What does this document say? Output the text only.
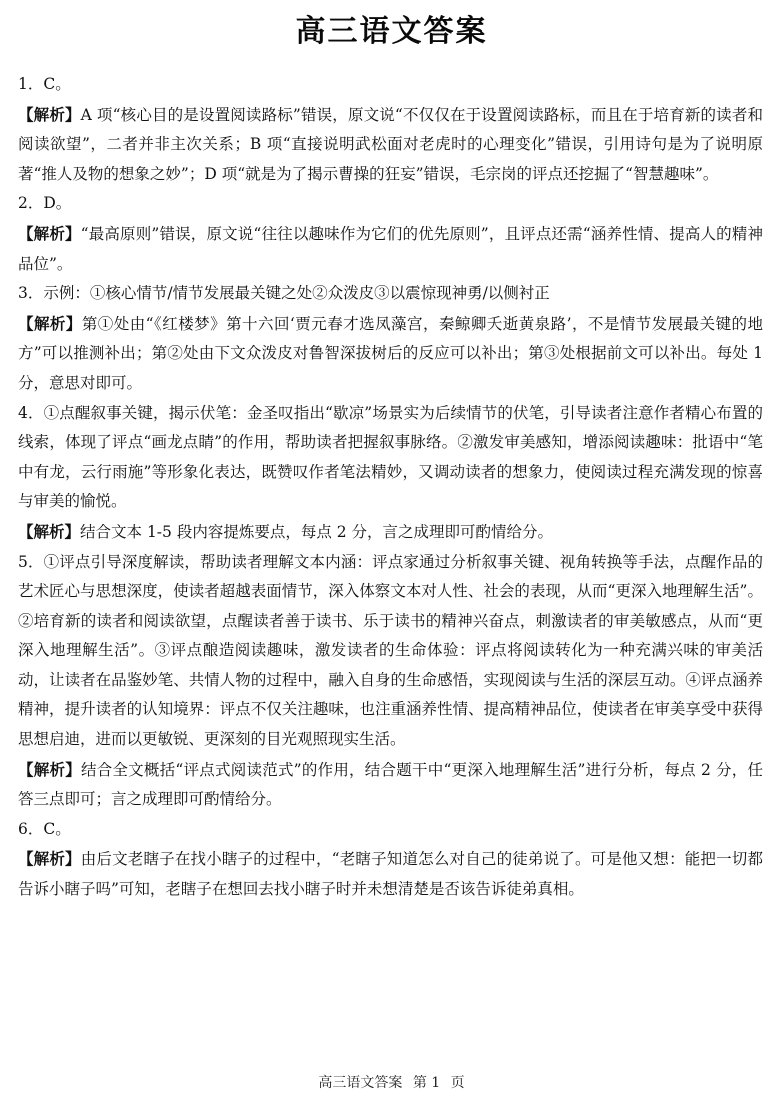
高三语文答案

1．C。

【解析】A 项“核心目的是设置阅读路标”错误，原文说“不仅仅在于设置阅读路标，而且在于培育新的读者和阅读欲望”，二者并非主次关系；B 项“直接说明武松面对老虎时的心理变化”错误，引用诗句是为了说明原著“推人及物的想象之妙”；D 项“就是为了揭示曹操的狂妄”错误，毛宗岗的评点还挖掘了“智慧趣味”。

2．D。

【解析】“最高原则”错误，原文说“往往以趣味作为它们的优先原则”，且评点还需“涵养性情、提高人的精神品位”。

3．示例：①核心情节/情节发展最关键之处②众泼皮③以震惊现神勇/以侧衬正

【解析】第①处由“《红楼梦》第十六回‘贾元春才选凤藻宫，秦鲸卿夭逝黄泉路’，不是情节发展最关键的地方”可以推测补出；第②处由下文众泼皮对鲁智深拔树后的反应可以补出；第③处根据前文可以补出。每处 1 分，意思对即可。

4．①点醒叙事关键，揭示伏笔：金圣叹指出“歇凉”场景实为后续情节的伏笔，引导读者注意作者精心布置的线索，体现了评点“画龙点睛”的作用，帮助读者把握叙事脉络。②激发审美感知，增添阅读趣味：批语中“笔中有龙，云行雨施”等形象化表达，既赞叹作者笔法精妙，又调动读者的想象力，使阅读过程充满发现的惊喜与审美的愉悦。

【解析】结合文本 1-5 段内容提炼要点，每点 2 分，言之成理即可酌情给分。

5．①评点引导深度解读，帮助读者理解文本内涵：评点家通过分析叙事关键、视角转换等手法，点醒作品的艺术匠心与思想深度，使读者超越表面情节，深入体察文本对人性、社会的表现，从而“更深入地理解生活”。②培育新的读者和阅读欲望，点醒读者善于读书、乐于读书的精神兴奋点，刺激读者的审美敏感点，从而“更深入地理解生活”。③评点酿造阅读趣味，激发读者的生命体验：评点将阅读转化为一种充满兴味的审美活动，让读者在品鉴妙笔、共情人物的过程中，融入自身的生命感悟，实现阅读与生活的深层互动。④评点涵养精神，提升读者的认知境界：评点不仅关注趣味，也注重涵养性情、提高精神品位，使读者在审美享受中获得思想启迪，进而以更敏锐、更深刻的目光观照现实生活。

【解析】结合全文概括“评点式阅读范式”的作用，结合题干中“更深入地理解生活”进行分析，每点 2 分，任答三点即可；言之成理即可酌情给分。

6．C。

【解析】由后文老瞎子在找小瞎子的过程中，“老瞎子知道怎么对自己的徒弟说了。可是他又想：能把一切都告诉小瞎子吗”可知，老瞎子在想回去找小瞎子时并未想清楚是否该告诉徒弟真相。

高三语文答案 第 1 页
